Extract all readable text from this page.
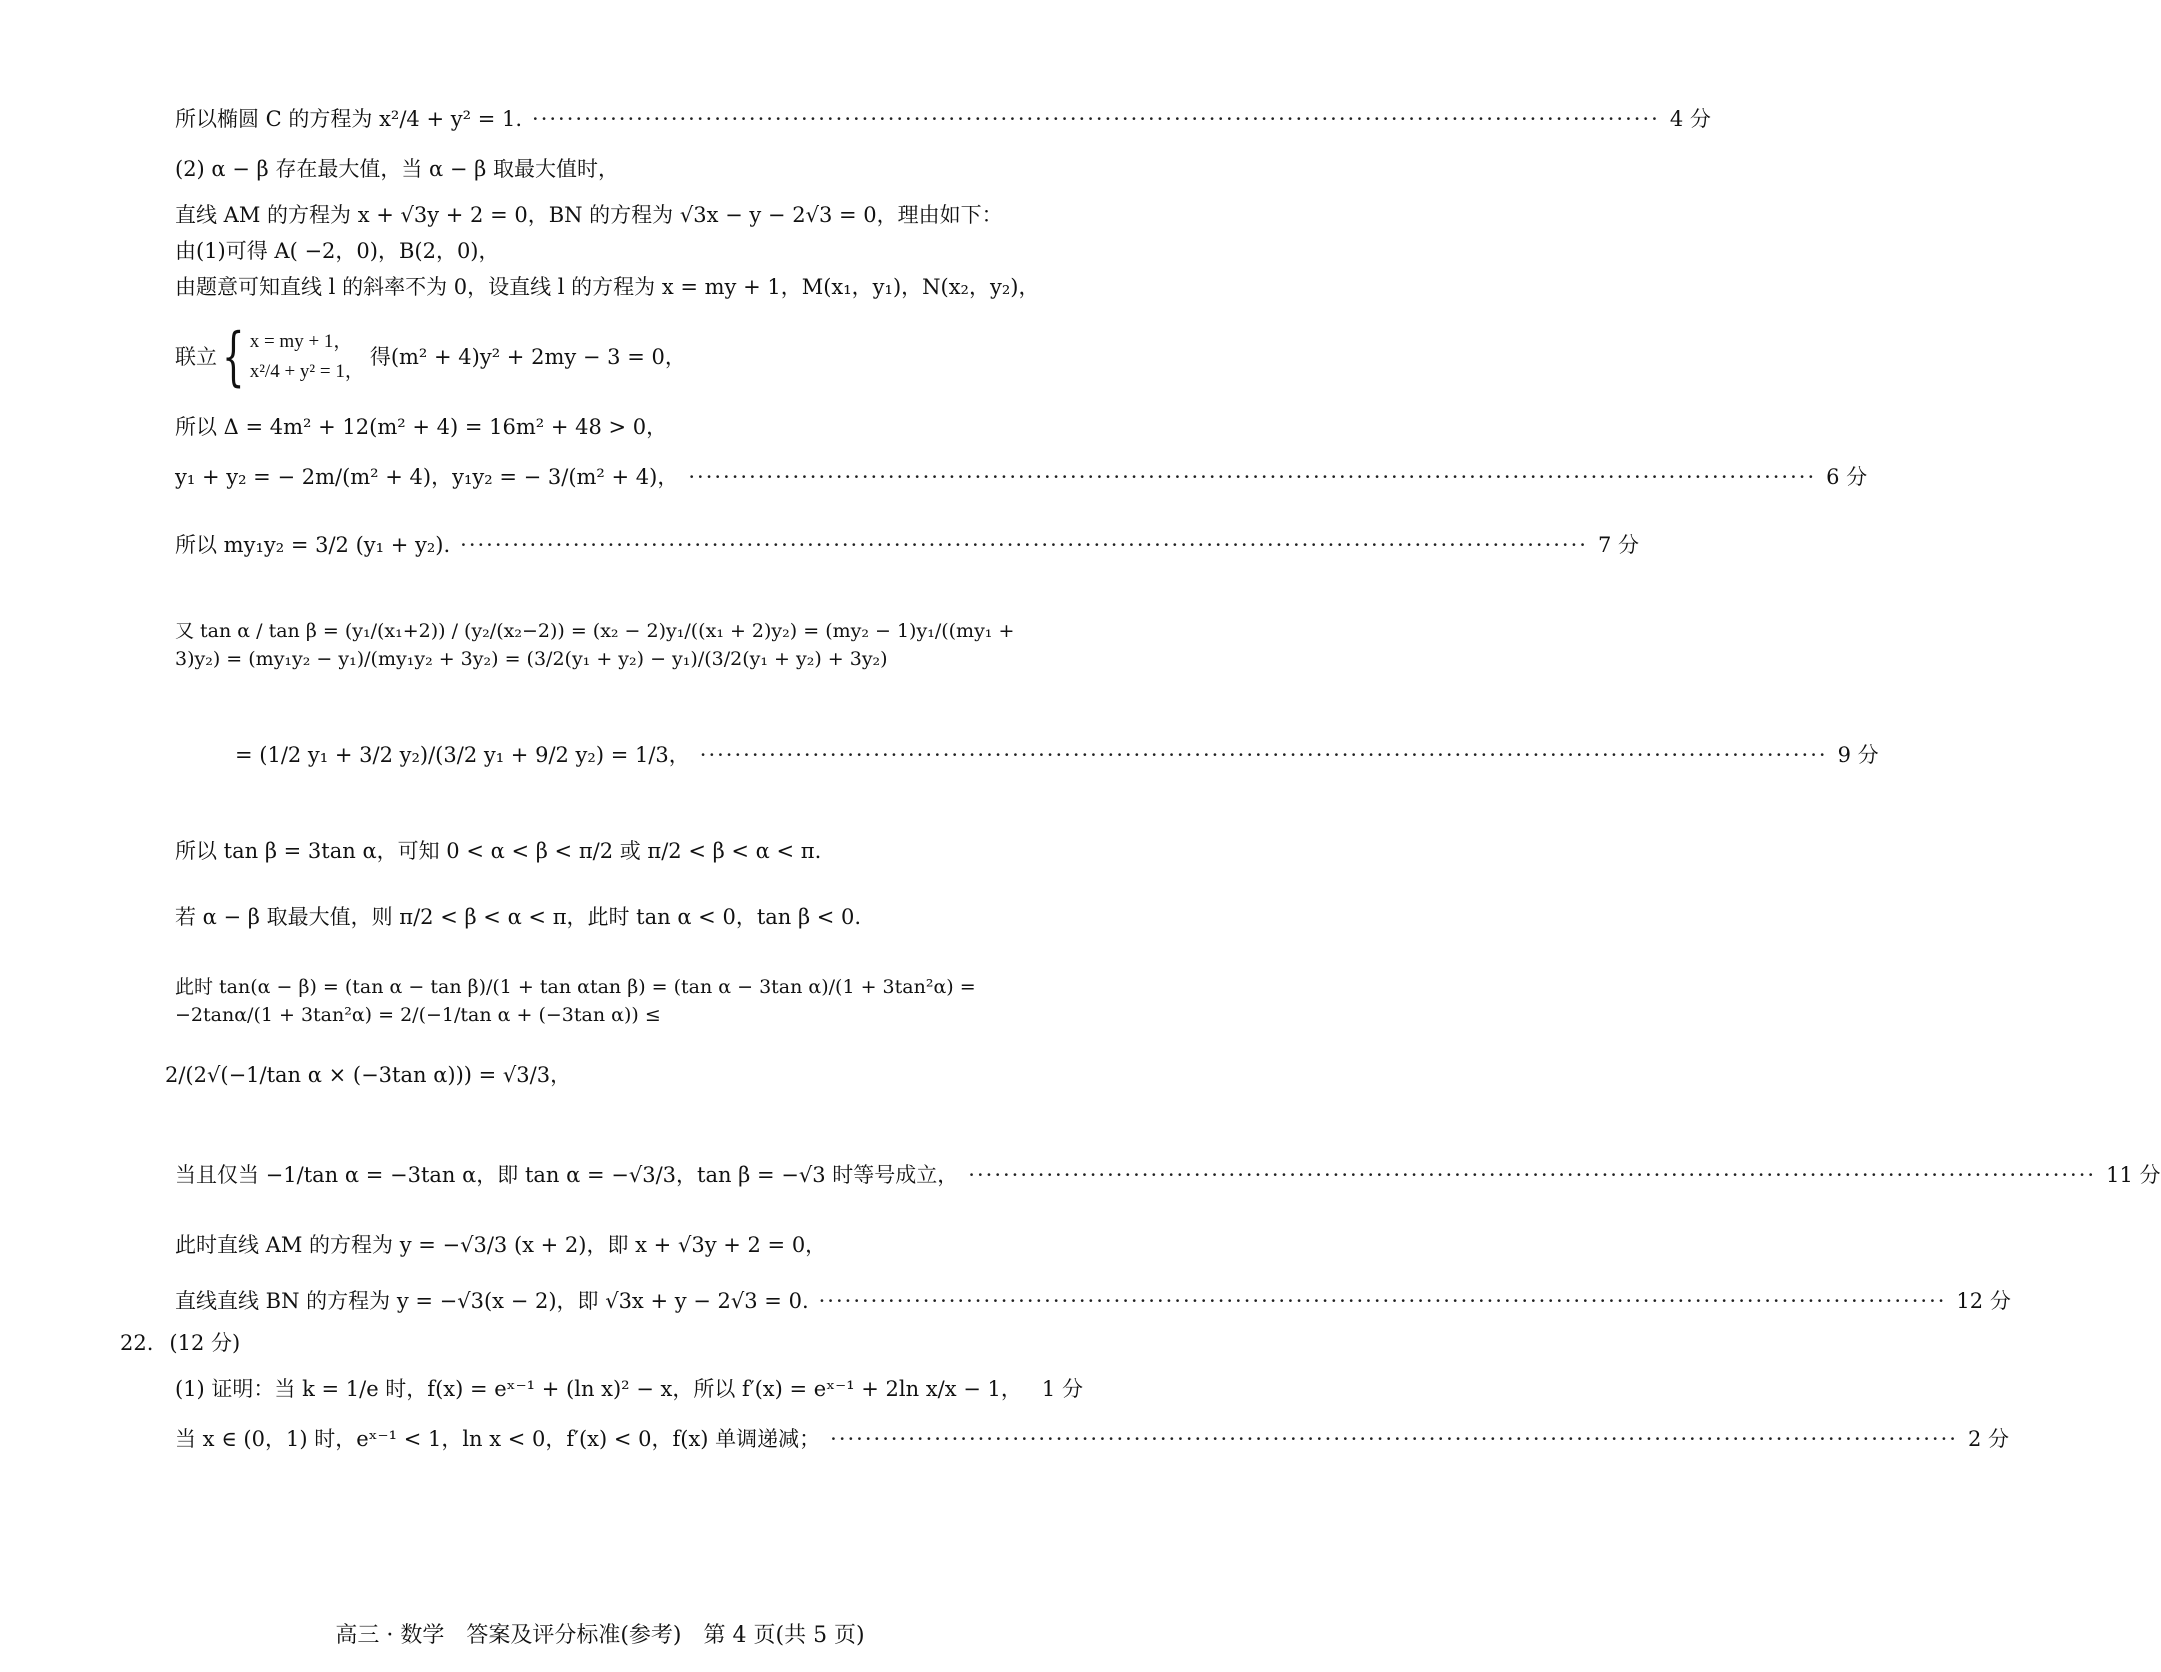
所以椭圆 C 的方程为 x²/4 + y² = 1. ·································································································································· 4 分
(2) α − β 存在最大值，当 α − β 取最大值时，
直线 AM 的方程为 x + √3y + 2 = 0，BN 的方程为 √3x − y − 2√3 = 0，理由如下：
由(1)可得 A( −2，0)，B(2，0)，
由题意可知直线 l 的斜率不为 0，设直线 l 的方程为 x = my + 1，M(x₁，y₁)，N(x₂，y₂)，
联立 { x = my + 1，
x²/4 + y² = 1，
得(m² + 4)y² + 2my − 3 = 0，
所以 Δ = 4m² + 12(m² + 4) = 16m² + 48 > 0，
y₁ + y₂ = − 2m/(m² + 4)，y₁y₂ = − 3/(m² + 4)， ·································································································································· 6 分
所以 my₁y₂ = 3/2 (y₁ + y₂). ·································································································································· 7 分
又 tan α / tan β = (y₁/(x₁+2)) / (y₂/(x₂−2)) = (x₂ − 2)y₁/((x₁ + 2)y₂) = (my₂ − 1)y₁/((my₁ + 3)y₂) = (my₁y₂ − y₁)/(my₁y₂ + 3y₂) = (3/2(y₁ + y₂) − y₁)/(3/2(y₁ + y₂) + 3y₂)
= (1/2 y₁ + 3/2 y₂)/(3/2 y₁ + 9/2 y₂) = 1/3， ·································································································································· 9 分
所以 tan β = 3tan α，可知 0 < α < β < π/2 或 π/2 < β < α < π.
若 α − β 取最大值，则 π/2 < β < α < π，此时 tan α < 0，tan β < 0.
此时 tan(α − β) = (tan α − tan β)/(1 + tan αtan β) = (tan α − 3tan α)/(1 + 3tan²α) = −2tanα/(1 + 3tan²α) = 2/(−1/tan α + (−3tan α)) ≤
2/(2√(−1/tan α × (−3tan α))) = √3/3，
当且仅当 −1/tan α = −3tan α，即 tan α = −√3/3，tan β = −√3 时等号成立， ·································································································································· 11 分
此时直线 AM 的方程为 y = −√3/3 (x + 2)，即 x + √3y + 2 = 0，
直线直线 BN 的方程为 y = −√3(x − 2)，即 √3x + y − 2√3 = 0. ·································································································································· 12 分
22. (12 分)
(1) 证明：当 k = 1/e 时，f(x) = eˣ⁻¹ + (ln x)² − x，所以 f′(x) = eˣ⁻¹ + 2ln x/x − 1， 1 分
当 x ∈ (0，1) 时，eˣ⁻¹ < 1，ln x < 0，f′(x) < 0，f(x) 单调递减； ·································································································································· 2 分
高三 · 数学　答案及评分标准(参考)　第 4 页(共 5 页)
